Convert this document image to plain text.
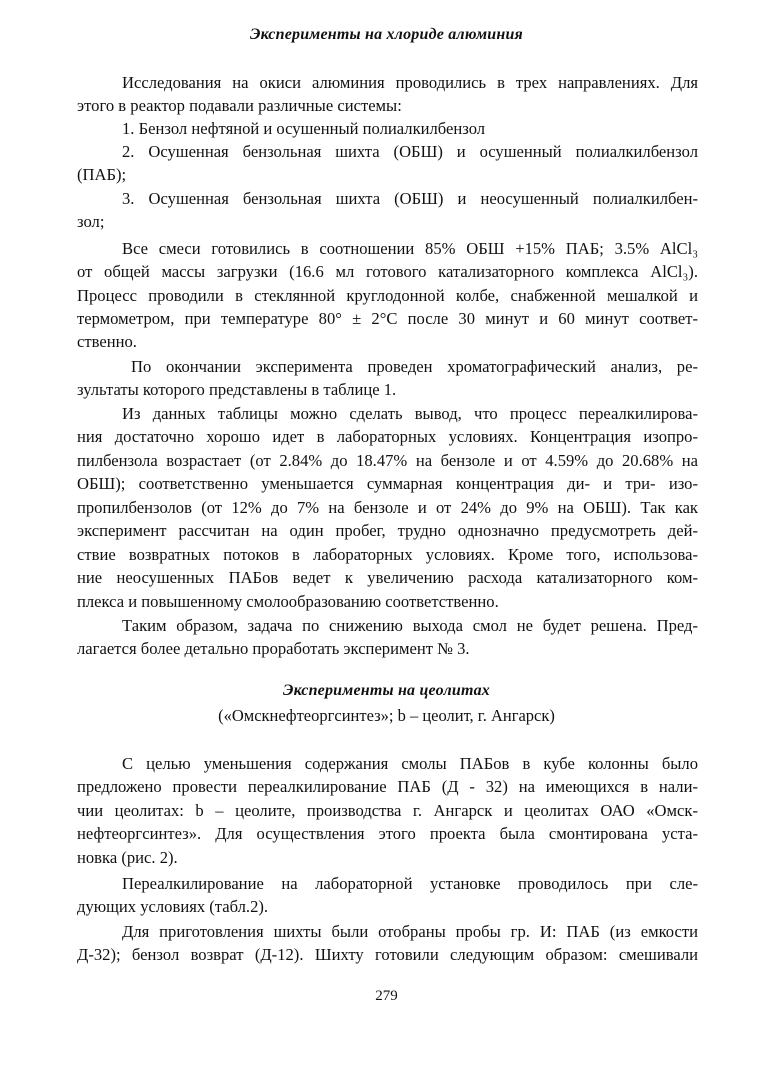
Эксперименты на хлориде алюминия
Исследования на окиси алюминия проводились в трех направлениях. Для
этого в реактор подавали различные системы:
1. Бензол нефтяной и осушенный полиалкилбензол
2. Осушенная бензольная шихта (ОБШ) и осушенный полиалкилбензол
(ПАБ);
3. Осушенная бензольная шихта (ОБШ) и неосушенный полиалкилбен-
зол;
Все смеси готовились в соотношении 85% ОБШ +15% ПАБ; 3.5% AlCl₃
от общей массы загрузки (16.6 мл готового катализаторного комплекса AlCl₃).
Процесс проводили в стеклянной круглодонной колбе, снабженной мешалкой и
термометром, при температуре 80° ± 2°С после 30 минут и 60 минут соответ-
ственно.
По окончании эксперимента проведен хроматографический анализ, ре-
зультаты которого представлены в таблице 1.
Из данных таблицы можно сделать вывод, что процесс переалкилирова-
ния достаточно хорошо идет в лабораторных условиях. Концентрация изопро-
пилбензола возрастает (от 2.84% до 18.47% на бензоле и от 4.59% до 20.68% на
ОБШ); соответственно уменьшается суммарная концентрация ди- и три- изо-
пропилбензолов (от 12% до 7% на бензоле и от 24% до 9% на ОБШ). Так как
эксперимент рассчитан на один пробег, трудно однозначно предусмотреть дей-
ствие возвратных потоков в лабораторных условиях. Кроме того, использова-
ние неосушенных ПАБов ведет к увеличению расхода катализаторного ком-
плекса и повышенному смолообразованию соответственно.
Таким образом, задача по снижению выхода смол не будет решена. Пред-
лагается более детально проработать эксперимент № 3.
Эксперименты на цеолитах
(«Омскнефтеоргсинтез»; b – цеолит, г. Ангарск)
С целью уменьшения содержания смолы ПАБов в кубе колонны было
предложено провести переалкилирование ПАБ (Д - 32) на имеющихся в нали-
чии цеолитах: b – цеолите, производства г. Ангарск и цеолитах ОАО «Омск-
нефтеоргсинтез». Для осуществления этого проекта была смонтирована уста-
новка (рис. 2).
Переалкилирование на лабораторной установке проводилось при сле-
дующих условиях (табл.2).
Для приготовления шихты были отобраны пробы гр. И: ПАБ (из емкости
Д-32); бензол возврат (Д-12). Шихту готовили следующим образом: смешивали
279
